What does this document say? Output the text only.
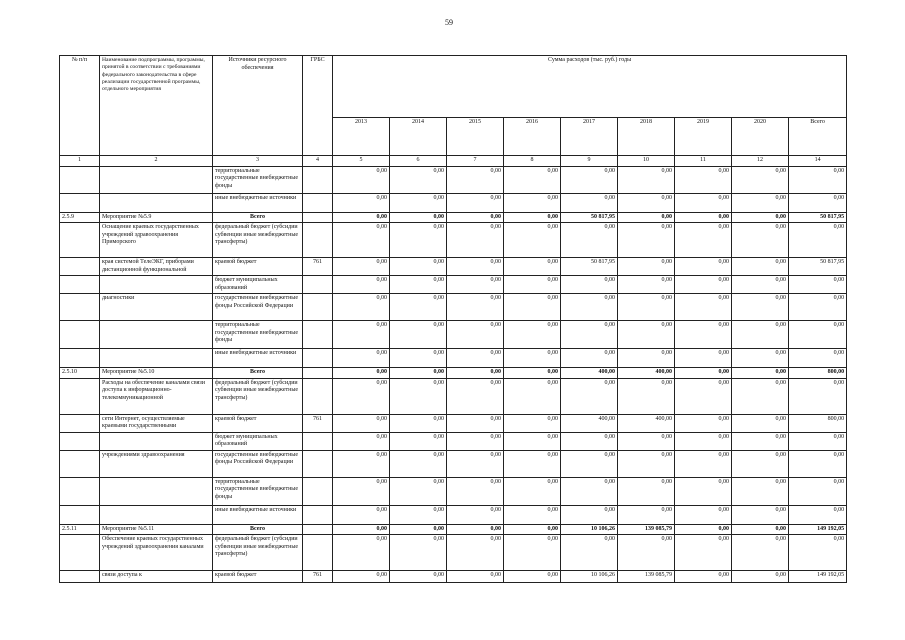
59
№ п/п	Наименование подпрограммы, программы, принятой в соответствии с требованиями федерального законодательства в сфере реализации государственной программы, отдельного мероприятия	Источники ресурсного обеспечения	ГРБС	Сумма расходов (тыс. руб.) годы								
				2013	2014	2015	2016	2017	2018	2019	2020	Всего
1	2	3	4	5	6	7	8	9	10	11	12	14
		территориальные государственные внебюджетные фонды		0,00	0,00	0,00	0,00	0,00	0,00	0,00	0,00	0,00
		иные внебюджетные источники		0,00	0,00	0,00	0,00	0,00	0,00	0,00	0,00	0,00
2.5.9	Мероприятие №5.9	Всего		0,00	0,00	0,00	0,00	50 817,95	0,00	0,00	0,00	50 817,95
	Оснащение краевых государственных учреждений здравоохранения Приморского	федеральный бюджет (субсидии субвенции иные межбюджетные трансферты)		0,00	0,00	0,00	0,00	0,00	0,00	0,00	0,00	0,00
	края системой ТелеЭКГ, приборами дистанционной функциональной	краевой бюджет	761	0,00	0,00	0,00	0,00	50 817,95	0,00	0,00	0,00	50 817,95
		бюджет муниципальных образований		0,00	0,00	0,00	0,00	0,00	0,00	0,00	0,00	0,00
	диагностики	государственные внебюджетные фонды Российской Федерации		0,00	0,00	0,00	0,00	0,00	0,00	0,00	0,00	0,00
		территориальные государственные внебюджетные фонды		0,00	0,00	0,00	0,00	0,00	0,00	0,00	0,00	0,00
		иные внебюджетные источники		0,00	0,00	0,00	0,00	0,00	0,00	0,00	0,00	0,00
2.5.10	Мероприятие №5.10	Всего		0,00	0,00	0,00	0,00	400,00	400,00	0,00	0,00	800,00
	Расходы на обеспечение каналами связи доступа к информационно-телекоммуникационной	федеральный бюджет (субсидии субвенции иные межбюджетные трансферты)		0,00	0,00	0,00	0,00	0,00	0,00	0,00	0,00	0,00
	сети Интернет, осуществляемые краевыми государственными	краевой бюджет	761	0,00	0,00	0,00	0,00	400,00	400,00	0,00	0,00	800,00
		бюджет муниципальных образований		0,00	0,00	0,00	0,00	0,00	0,00	0,00	0,00	0,00
	учреждениями здравоохранения	государственные внебюджетные фонды Российской Федерации		0,00	0,00	0,00	0,00	0,00	0,00	0,00	0,00	0,00
		территориальные государственные внебюджетные фонды		0,00	0,00	0,00	0,00	0,00	0,00	0,00	0,00	0,00
		иные внебюджетные источники		0,00	0,00	0,00	0,00	0,00	0,00	0,00	0,00	0,00
2.5.11	Мероприятие №5.11	Всего		0,00	0,00	0,00	0,00	10 106,26	139 085,79	0,00	0,00	149 192,05
	Обеспечение краевых государственных учреждений здравоохранения каналами	федеральный бюджет (субсидии субвенции иные межбюджетные трансферты)		0,00	0,00	0,00	0,00	0,00	0,00	0,00	0,00	0,00
	связи доступа к	краевой бюджет	761	0,00	0,00	0,00	0,00	10 106,26	139 085,79	0,00	0,00	149 192,05
